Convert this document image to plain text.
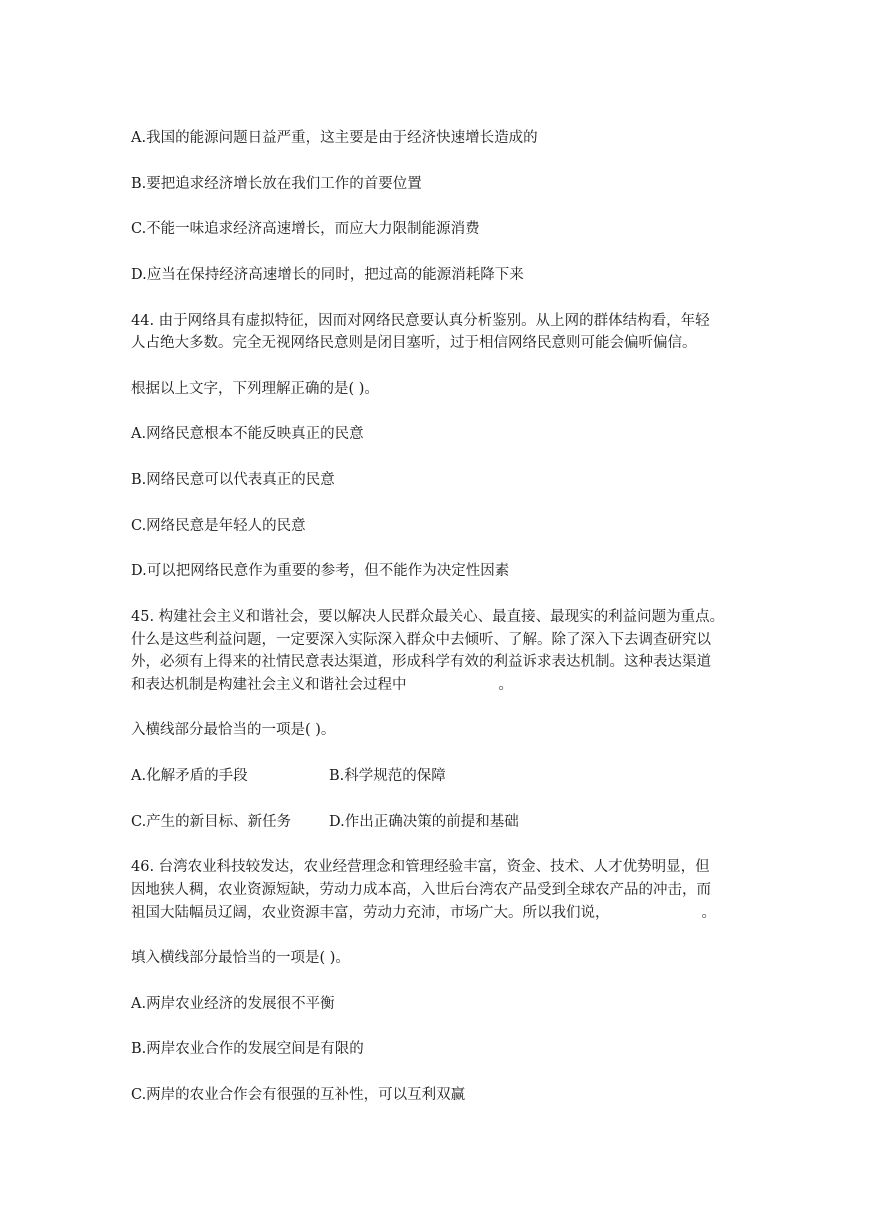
A.我国的能源问题日益严重，这主要是由于经济快速增长造成的
B.要把追求经济增长放在我们工作的首要位置
C.不能一味追求经济高速增长，而应大力限制能源消费
D.应当在保持经济高速增长的同时，把过高的能源消耗降下来
44. 由于网络具有虚拟特征，因而对网络民意要认真分析鉴别。从上网的群体结构看，年轻
人占绝大多数。完全无视网络民意则是闭目塞听，过于相信网络民意则可能会偏听偏信。
根据以上文字，下列理解正确的是( )。
A.网络民意根本不能反映真正的民意
B.网络民意可以代表真正的民意
C.网络民意是年轻人的民意
D.可以把网络民意作为重要的参考，但不能作为决定性因素
45. 构建社会主义和谐社会，要以解决人民群众最关心、最直接、最现实的利益问题为重点。
什么是这些利益问题，一定要深入实际深入群众中去倾听、了解。除了深入下去调查研究以
外，必须有上得来的社情民意表达渠道，形成科学有效的利益诉求表达机制。这种表达渠道
和表达机制是构建社会主义和谐社会过程中	。
入横线部分最恰当的一项是( )。
A.化解矛盾的手段	B.科学规范的保障
C.产生的新目标、新任务	D.作出正确决策的前提和基础
46. 台湾农业科技较发达，农业经营理念和管理经验丰富，资金、技术、人才优势明显，但
因地狭人稠，农业资源短缺，劳动力成本高，入世后台湾农产品受到全球农产品的冲击，而
祖国大陆幅员辽阔，农业资源丰富，劳动力充沛，市场广大。所以我们说，	。
填入横线部分最恰当的一项是( )。
A.两岸农业经济的发展很不平衡
B.两岸农业合作的发展空间是有限的
C.两岸的农业合作会有很强的互补性，可以互利双赢
